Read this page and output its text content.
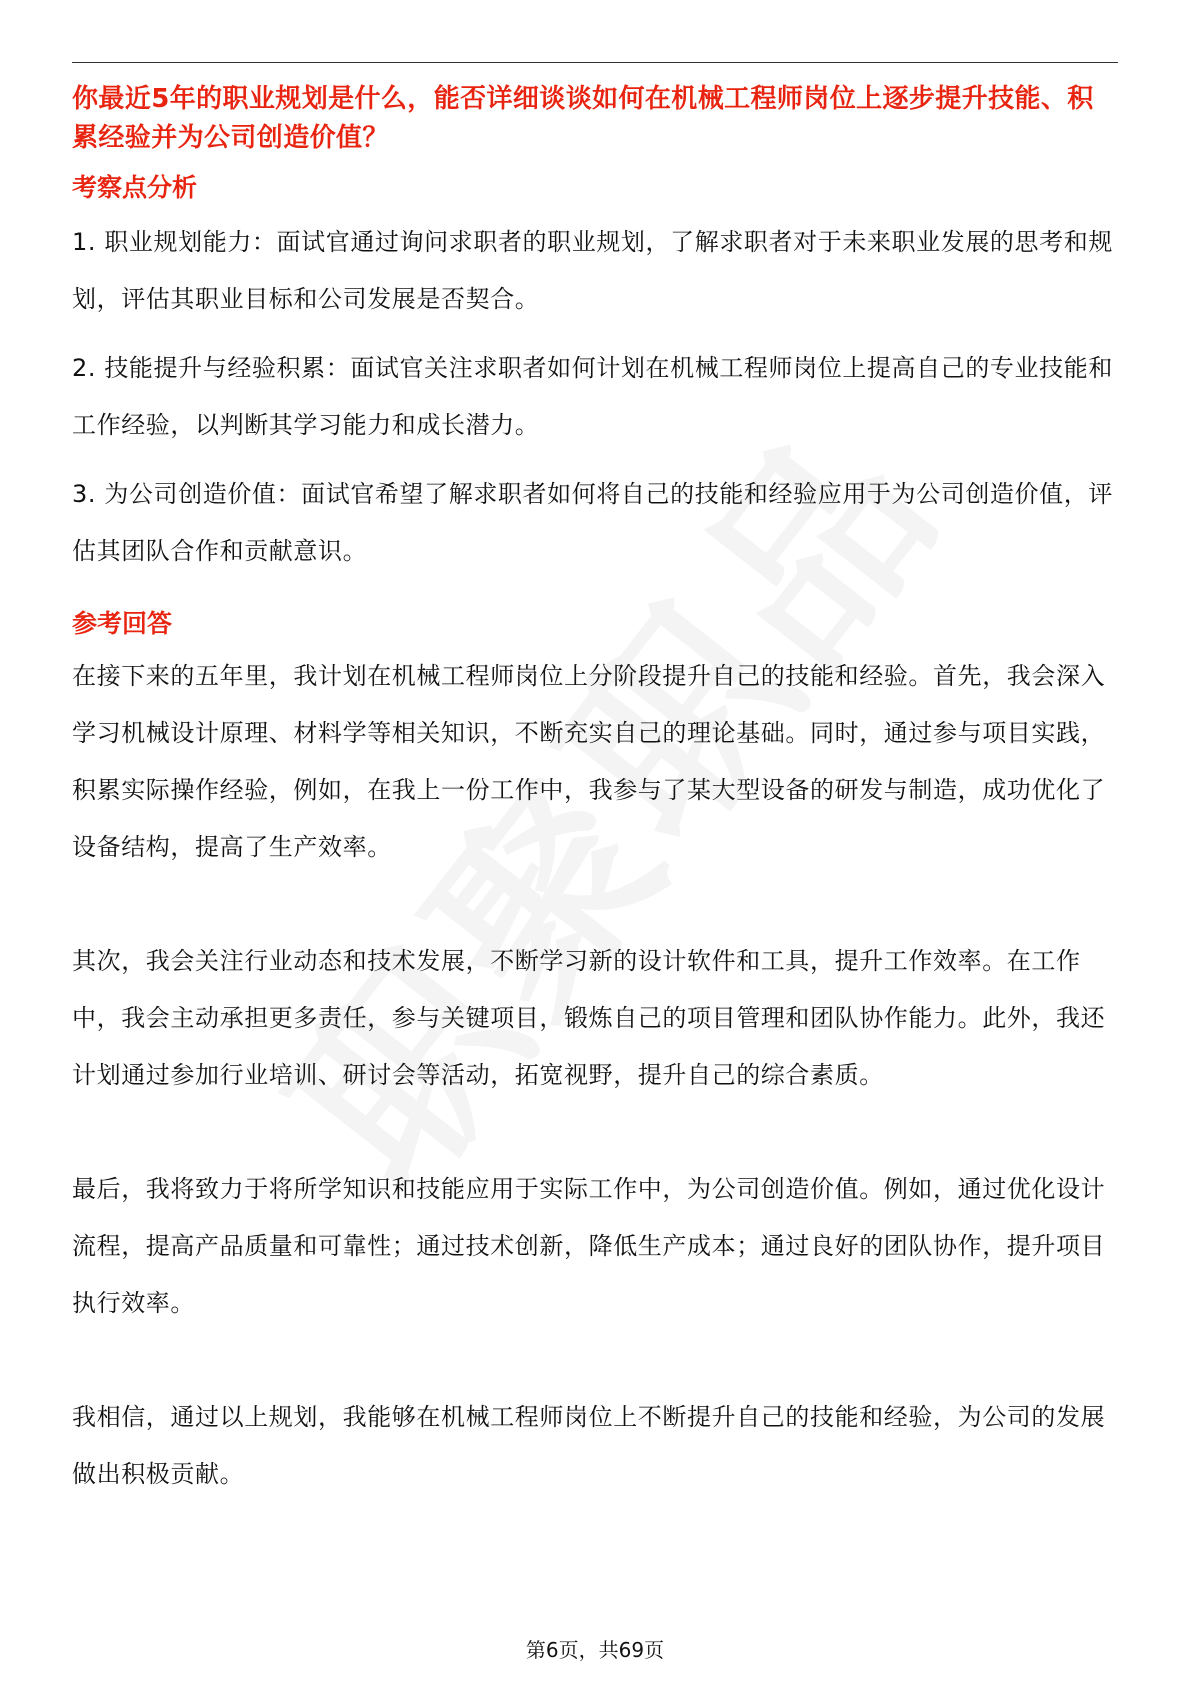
你最近5年的职业规划是什么，能否详细谈谈如何在机械工程师岗位上逐步提升技能、积累经验并为公司创造价值？

考察点分析

1. 职业规划能力：面试官通过询问求职者的职业规划，了解求职者对于未来职业发展的思考和规划，评估其职业目标和公司发展是否契合。

2. 技能提升与经验积累：面试官关注求职者如何计划在机械工程师岗位上提高自己的专业技能和工作经验，以判断其学习能力和成长潜力。

3. 为公司创造价值：面试官希望了解求职者如何将自己的技能和经验应用于为公司创造价值，评估其团队合作和贡献意识。

参考回答

在接下来的五年里，我计划在机械工程师岗位上分阶段提升自己的技能和经验。首先，我会深入学习机械设计原理、材料学等相关知识，不断充实自己的理论基础。同时，通过参与项目实践，积累实际操作经验，例如，在我上一份工作中，我参与了某大型设备的研发与制造，成功优化了设备结构，提高了生产效率。

其次，我会关注行业动态和技术发展，不断学习新的设计软件和工具，提升工作效率。在工作中，我会主动承担更多责任，参与关键项目，锻炼自己的项目管理和团队协作能力。此外，我还计划通过参加行业培训、研讨会等活动，拓宽视野，提升自己的综合素质。

最后，我将致力于将所学知识和技能应用于实际工作中，为公司创造价值。例如，通过优化设计流程，提高产品质量和可靠性；通过技术创新，降低生产成本；通过良好的团队协作，提升项目执行效率。

我相信，通过以上规划，我能够在机械工程师岗位上不断提升自己的技能和经验，为公司的发展做出积极贡献。

第6页，共69页
